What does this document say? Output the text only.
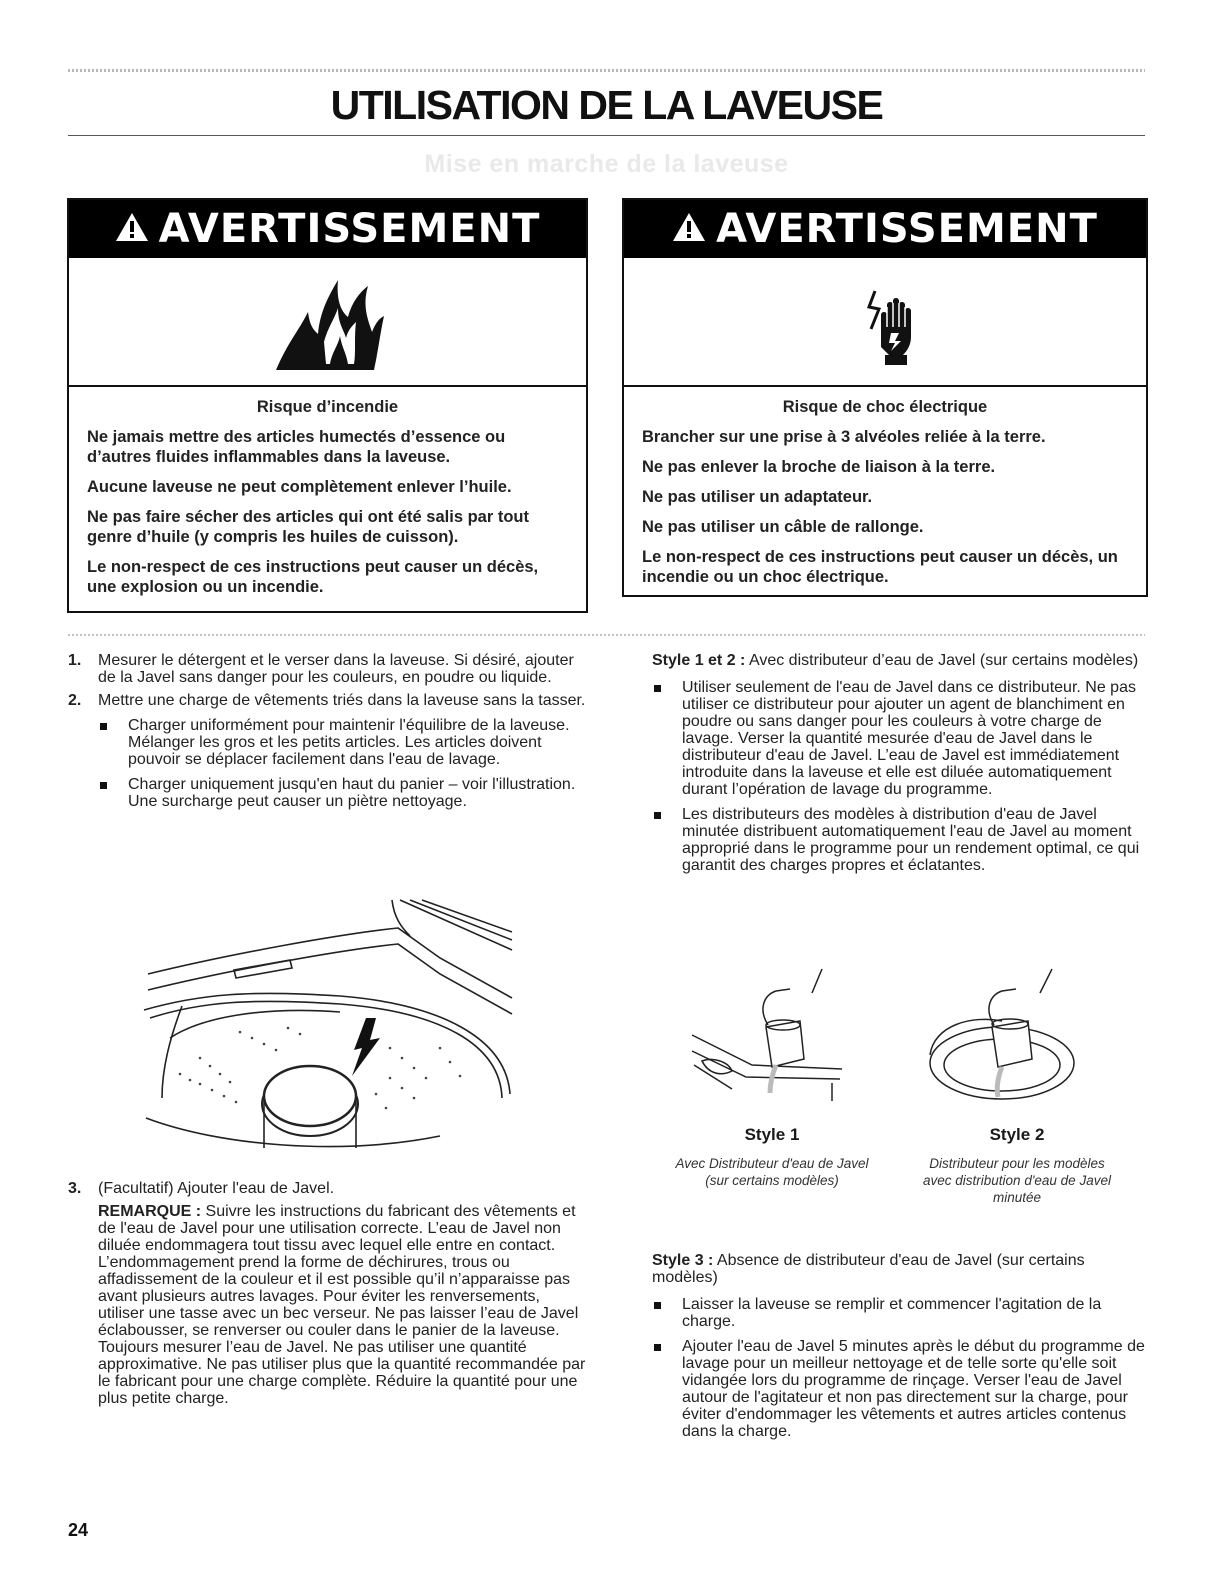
UTILISATION DE LA LAVEUSE
Mise en marche de la laveuse
AVERTISSEMENT

Risque d’incendie

Ne jamais mettre des articles humectés d’essence ou d’autres fluides inflammables dans la laveuse.

Aucune laveuse ne peut complètement enlever l’huile.

Ne pas faire sécher des articles qui ont été salis par tout genre d’huile (y compris les huiles de cuisson).

Le non-respect de ces instructions peut causer un décès, une explosion ou un incendie.

AVERTISSEMENT

Risque de choc électrique

Brancher sur une prise à 3 alvéoles reliée à la terre.

Ne pas enlever la broche de liaison à la terre.

Ne pas utiliser un adaptateur.

Ne pas utiliser un câble de rallonge.

Le non-respect de ces instructions peut causer un décès, un incendie ou un choc électrique.

1. Mesurer le détergent et le verser dans la laveuse. Si désiré, ajouter de la Javel sans danger pour les couleurs, en poudre ou liquide.
2. Mettre une charge de vêtements triés dans la laveuse sans la tasser.
Charger uniformément pour maintenir l'équilibre de la laveuse. Mélanger les gros et les petits articles. Les articles doivent pouvoir se déplacer facilement dans l'eau de lavage.
Charger uniquement jusqu'en haut du panier – voir l'illustration. Une surcharge peut causer un piètre nettoyage.
3. (Facultatif) Ajouter l'eau de Javel.

REMARQUE : Suivre les instructions du fabricant des vêtements et de l'eau de Javel pour une utilisation correcte. L’eau de Javel non diluée endommagera tout tissu avec lequel elle entre en contact. L’endommagement prend la forme de déchirures, trous ou affadissement de la couleur et il est possible qu’il n’apparaisse pas avant plusieurs autres lavages. Pour éviter les renversements, utiliser une tasse avec un bec verseur. Ne pas laisser l’eau de Javel éclabousser, se renverser ou couler dans le panier de la laveuse. Toujours mesurer l’eau de Javel. Ne pas utiliser une quantité approximative. Ne pas utiliser plus que la quantité recommandée par le fabricant pour une charge complète. Réduire la quantité pour une plus petite charge.

Style 1 et 2 : Avec distributeur d’eau de Javel (sur certains modèles)

Utiliser seulement de l'eau de Javel dans ce distributeur. Ne pas utiliser ce distributeur pour ajouter un agent de blanchiment en poudre ou sans danger pour les couleurs à votre charge de lavage. Verser la quantité mesurée d'eau de Javel dans le distributeur d'eau de Javel. L’eau de Javel est immédiatement introduite dans la laveuse et elle est diluée automatiquement durant l’opération de lavage du programme.
Les distributeurs des modèles à distribution d'eau de Javel minutée distribuent automatiquement l'eau de Javel au moment approprié dans le programme pour un rendement optimal, ce qui garantit des charges propres et éclatantes.
Style 1
Avec Distributeur d'eau de Javel (sur certains modèles)
Style 2
Distributeur pour les modèles avec distribution d'eau de Javel minutée

Style 3 : Absence de distributeur d'eau de Javel (sur certains modèles)

Laisser la laveuse se remplir et commencer l'agitation de la charge.
Ajouter l'eau de Javel 5 minutes après le début du programme de lavage pour un meilleur nettoyage et de telle sorte qu'elle soit vidangée lors du programme de rinçage. Verser l'eau de Javel autour de l'agitateur et non pas directement sur la charge, pour éviter d'endommager les vêtements et autres articles contenus dans la charge.
24
